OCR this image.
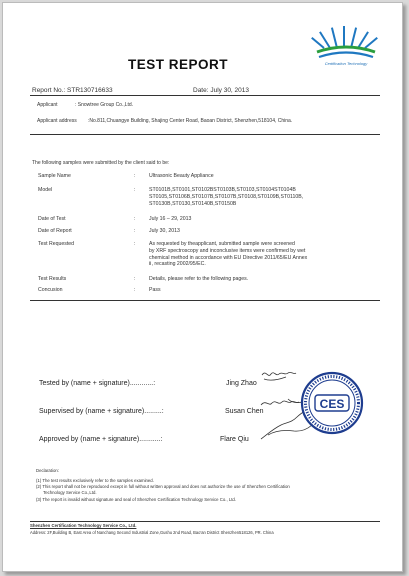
Certification Technology
TEST REPORT
Report No.: STR130716633	Date: July 30, 2013
Applicant	: Snowtree Group Co.,Ltd.
Applicant address :No.811,Chuangye Building, Shajing Center Road, Baoan District, Shenzhen,518104, China.
The following samples were submitted by the client said to be:
Sample Name	:	Ultrasonic Beauty Appliance
Model	:	ST0101B,ST0101,ST0102BST0103B,ST0103,ST0104ST0104B
ST0105,ST0106B,ST0107B,ST0107B,ST0108,ST0109B,ST0110B,
ST0130B,ST0130,ST0140B,ST0150B
Date of Test	:	July 16 – 29, 2013
Date of Report	:	July 30, 2013
Test Requested	:	As requested by theapplicant, submitted sample were screened
by XRF spectroscopy and inconclusive items were confirmed by wet
chemical method in accordance with EU Directive 2011/65/EU Annex
Ⅱ, recasting 2002/95/EC.
Test Results	:	Details, please refer to the following pages.
Concusion	:	Pass
Tested by (name + signature)............:	Jing Zhao
Supervised by (name + signature).........:	Susan Chen
Approved by (name + signature)...........:	Flare Qiu
CES
Declaration:
(1) The test results exclusively refer to the samples examined.
(2) This report shall not be reproduced except in full without written approval and does not authorize the use of Shenzhen Certification
Technology Service Co.,Ltd.
(3) The report is invalid without signature and seal of Shenzhen Certification Technology Service Co., Ltd.
Shenzhen Certification Technology Service Co., Ltd.
Address: 2F,Building B, East Area of Nanchang Second Industrial Zone,Gushu 2nd Road, Bao'an District Shenzhen518126, PR. China
